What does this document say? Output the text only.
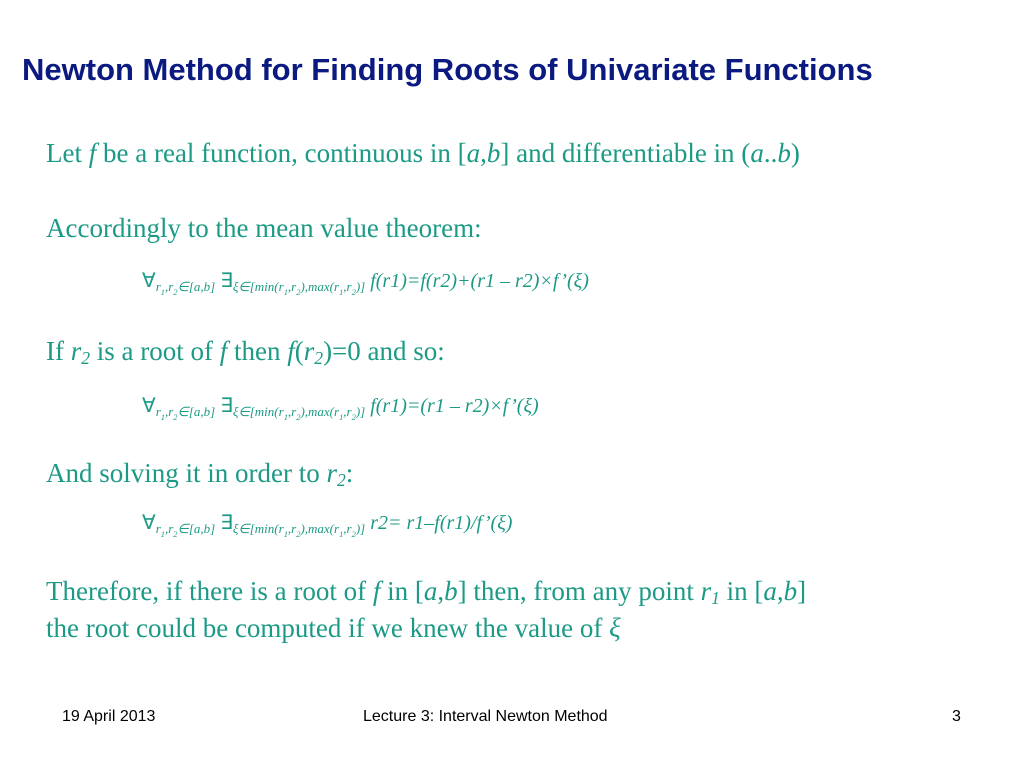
Newton Method for Finding Roots of Univariate Functions
Let f be a real function, continuous in [a,b] and differentiable in (a..b)
Accordingly to the mean value theorem:
$\forall_{r_1,r_2\in[a,b]}$ $\exists_{\xi\in[min(r_1,r_2),max(r_1,r_2)]}$ f(r1)=f(r2)+(r1 – r2)×f’(ξ)
If $r_2$ is a root of f then $f(r_2)=0$ and so:
$\forall_{r_1,r_2\in[a,b]}$ $\exists_{\xi\in[min(r_1,r_2),max(r_1,r_2)]}$ f(r1)=(r1 – r2)×f’(ξ)
And solving it in order to $r_2$:
$\forall_{r_1,r_2\in[a,b]}$ $\exists_{\xi\in[min(r_1,r_2),max(r_1,r_2)]}$ r2= r1–f(r1)/f’(ξ)
Therefore, if there is a root of f in [a,b] then, from any point $r_1$ in [a,b]
the root could be computed if we knew the value of ξ
19 April 2013	Lecture 3: Interval Newton Method	3
